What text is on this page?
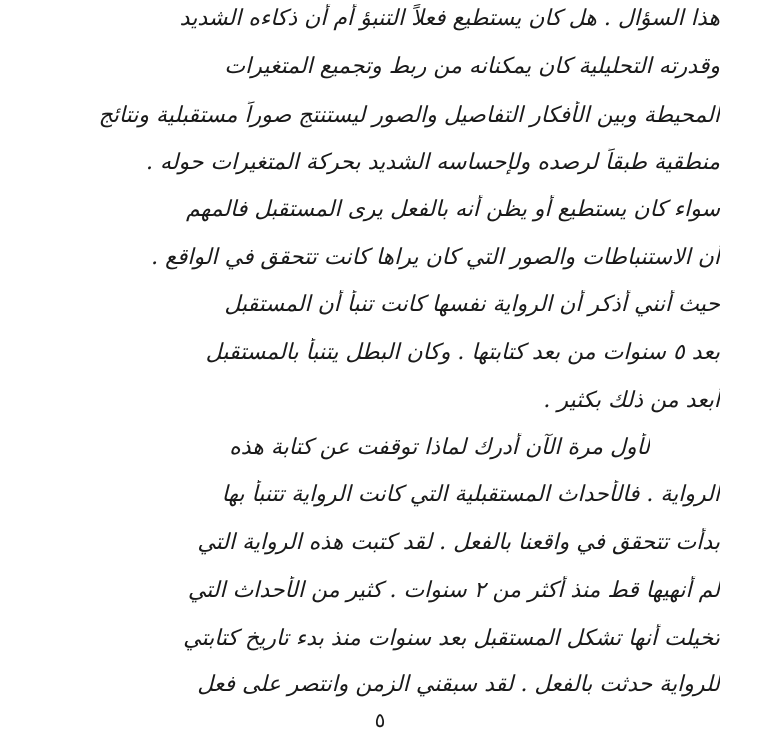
هذا السؤال . هل كان يستطيع فعلاً التنبؤ أم أن ذكاءه الشديد
وقدرته التحليلية كان يمكنانه من ربط وتجميع المتغيرات
المحيطة وبين الأفكار التفاصيل والصور ليستنتج صوراً مستقبلية ونتائج
منطقية طبقاً لرصده ولإحساسه الشديد بحركة المتغيرات حوله .
سواء كان يستطيع أو يظن أنه بالفعل يرى المستقبل فالمهم
أن الاستنباطات والصور التي كان يراها كانت تتحقق في الواقع .
حيث أنني أذكر أن الرواية نفسها كانت تنبأ أن المستقبل
بعد ٥ سنوات من بعد كتابتها . وكان البطل يتنبأ بالمستقبل
أبعد من ذلك بكثير .
لأول مرة الآن أدرك لماذا توقفت عن كتابة هذه
الرواية . فالأحداث المستقبلية التي كانت الرواية تتنبأ بها
بدأت تتحقق في واقعنا بالفعل . لقد كتبت هذه الرواية التي
لم أنهيها قط منذ أكثر من ٢ سنوات . كثير من الأحداث التي
تخيلت أنها تشكل المستقبل بعد سنوات منذ بدء تاريخ كتابتي
للرواية حدثت بالفعل . لقد سبقني الزمن وانتصر على فعل
٥
